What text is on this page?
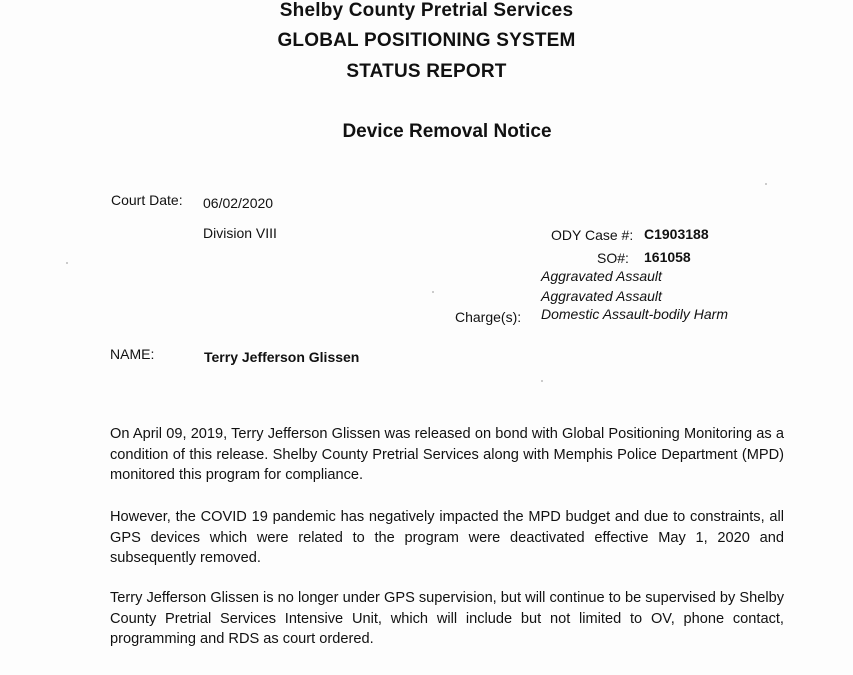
Shelby County Pretrial Services
GLOBAL POSITIONING SYSTEM
STATUS REPORT
Device Removal Notice
Court Date: 06/02/2020
Division VIII	ODY Case #: C1903188
SO#: 161058
Aggravated Assault
Aggravated Assault
Charge(s): Domestic Assault-bodily Harm
NAME:	Terry Jefferson Glissen
On April 09, 2019, Terry Jefferson Glissen was released on bond with Global Positioning Monitoring as a condition of this release. Shelby County Pretrial Services along with Memphis Police Department (MPD) monitored this program for compliance.
However, the COVID 19 pandemic has negatively impacted the MPD budget and due to constraints, all GPS devices which were related to the program were deactivated effective May 1, 2020 and subsequently removed.
Terry Jefferson Glissen is no longer under GPS supervision, but will continue to be supervised by Shelby County Pretrial Services Intensive Unit, which will include but not limited to OV, phone contact, programming and RDS as court ordered.
